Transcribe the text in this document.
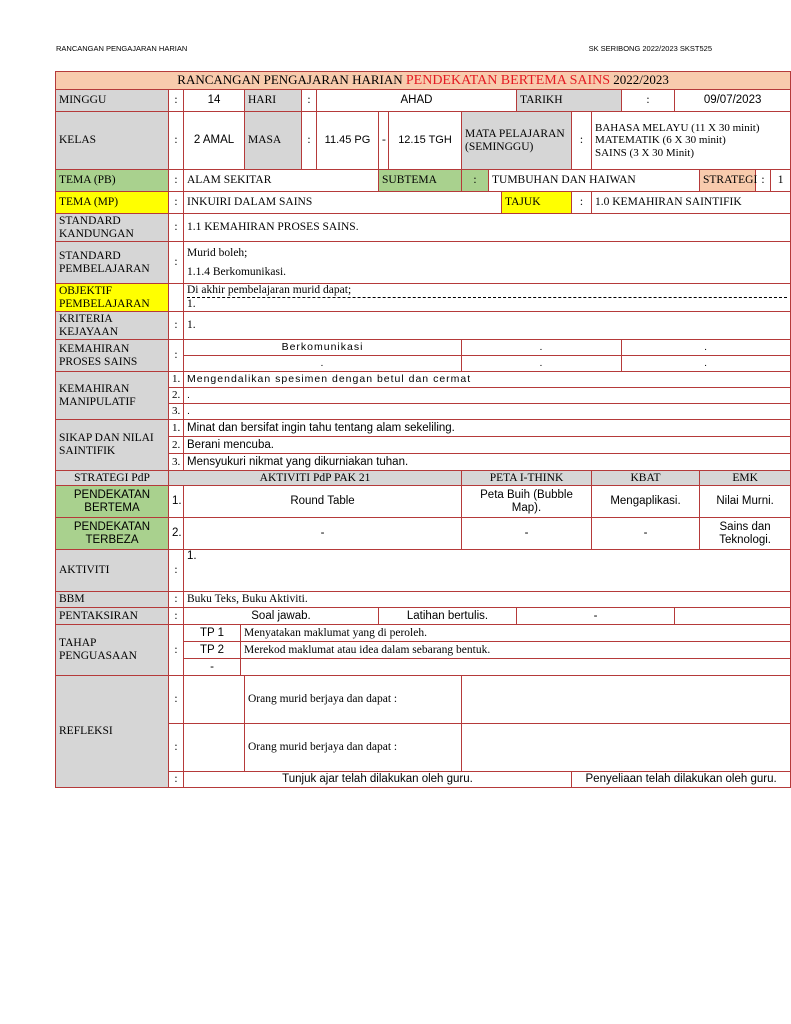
RANCANGAN PENGAJARAN HARIAN	SK SERIBONG 2022/2023 SKST525
RANCANGAN PENGAJARAN HARIAN PENDEKATAN BERTEMA SAINS 2022/2023																			
MINGGU	:	14		HARI	:	AHAD						TARIKH			:	09/07/2023			
KELAS	:	2 AMAL		MASA	:	11.45 PG	-	12.15 TGH	MATA PELAJARAN (SEMINGGU)				:	BAHASA MELAYU (11 X 30 minit)
MATEMATIK (6 X 30 minit)
SAINS (3 X 30 Minit)					

TEMA (PB)	:	ALAM SEKITAR					SUBTEMA		:	TUMBUHAN DAN HAIWAN							STRATEGI	:	1
TEMA (MP)	:	INKUIRI DALAM SAINS									TAJUK		:	1.0 KEMAHIRAN SAINTIFIK					
STANDARD KANDUNGAN	:	1.1 KEMAHIRAN PROSES SAINS.																	
STANDARD PEMBELAJARAN	:	Murid boleh;
1.1.4 Berkomunikasi.																	

OBJEKTIF PEMBELAJARAN		Di akhir pembelajaran murid dapat;
1.																	

KRITERIA KEJAYAAN	:	1.																	
KEMAHIRAN PROSES SAINS	:	Berkomunikasi							.						.				
		.							.						.				
KEMAHIRAN MANIPULATIF	1.	Mengendalikan spesimen dengan betul dan cermat																	
	2.	.																	
	3.	.																	
SIKAP DAN NILAI SAINTIFIK	1.	Minat dan bersifat ingin tahu tentang alam sekeliling.																	
	2.	Berani mencuba.																	
	3.	Mensyukuri nikmat yang dikurniakan tuhan.																	
STRATEGI PdP	AKTIVITI PdP PAK 21								PETA I-THINK					KBAT			EMK		
PENDEKATAN BERTEMA	1.	Round Table							Peta Buih (Bubble Map).					Mengaplikasi.			Nilai Murni.		
PENDEKATAN TERBEZA	2.	-							-					-			Sains dan Teknologi.		
AKTIVITI	:	1.																	
BBM	:	Buku Teks, Buku Aktiviti.																	
PENTAKSIRAN	:	Soal jawab.					Latihan bertulis.					-							
TAHAP PENGUASAAN	:	TP 1	Menyatakan maklumat yang di peroleh.																
		TP 2	Merekod maklumat atau idea dalam sebarang bentuk.																
		-																	
REFLEKSI	:			Orang murid berjaya dan dapat :															
	:			Orang murid berjaya dan dapat :															
	:	Tunjuk ajar telah dilakukan oleh guru.											Penyeliaan telah dilakukan oleh guru.						
